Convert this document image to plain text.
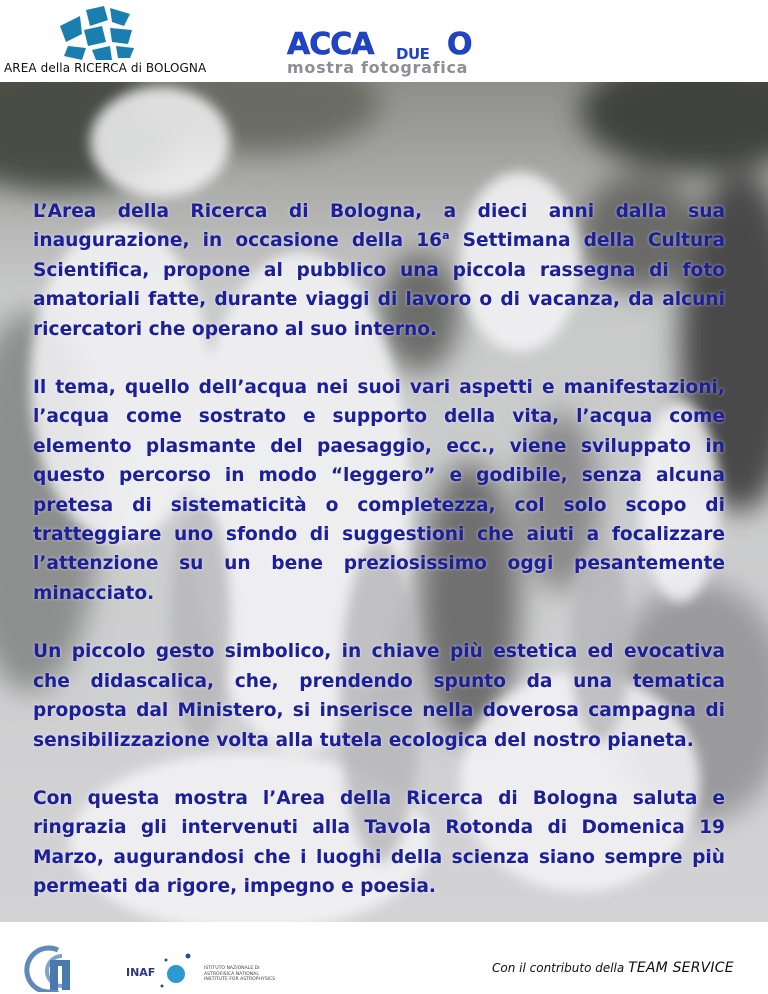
AREA della RICERCA di BOLOGNA
ACCA DUE O
mostra fotografica

L’Area della Ricerca di Bologna, a dieci anni dalla sua inaugurazione, in occasione della 16$^a$ Settimana della Cultura Scientifica, propone al pubblico una piccola rassegna di foto amatoriali fatte, durante viaggi di lavoro o di vacanza, da alcuni ricercatori che operano al suo interno.

Il tema, quello dell’acqua nei suoi vari aspetti e manifestazioni, l’acqua come sostrato e supporto della vita, l’acqua come elemento plasmante del paesaggio, ecc., viene sviluppato in questo percorso in modo “leggero” e godibile, senza alcuna pretesa di sistematicità o completezza, col solo scopo di tratteggiare uno sfondo di suggestioni che aiuti a focalizzare l’attenzione su un bene preziosissimo oggi pesantemente minacciato.

Un piccolo gesto simbolico, in chiave più estetica ed evocativa che didascalica, che, prendendo spunto da una tematica proposta dal Ministero, si inserisce nella doverosa campagna di sensibilizzazione volta alla tutela ecologica del nostro pianeta.

Con questa mostra l’Area della Ricerca di Bologna saluta e ringrazia gli intervenuti alla Tavola Rotonda di Domenica 19 Marzo, augurandosi che i luoghi della scienza siano sempre più permeati da rigore, impegno e poesia.

INAF	ISTITUTO NAZIONALE DI ASTROFISICA NATIONAL INSTITUTE FOR ASTROPHYSICS
Con il contributo della TEAM SERVICE
